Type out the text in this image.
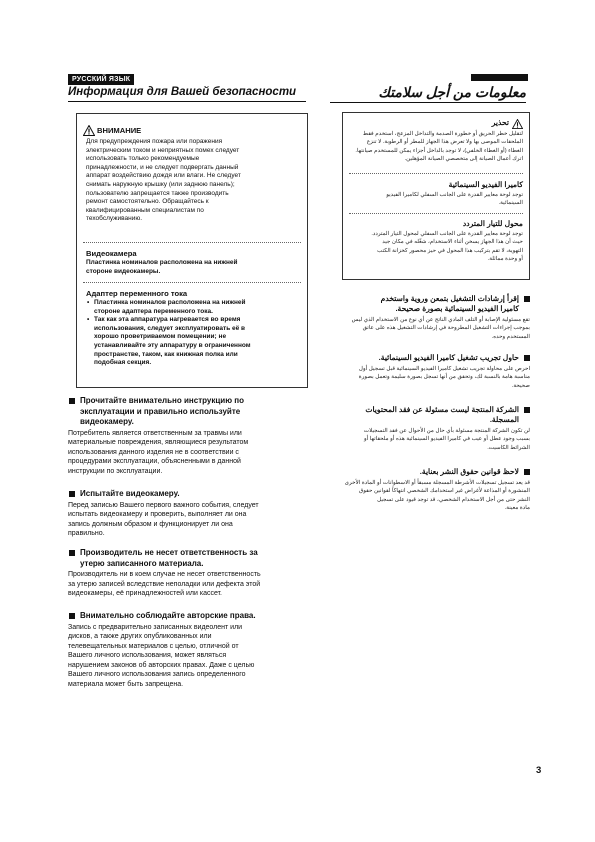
РУССКИЙ ЯЗЫК
Информация для Вашей безопасности
ВНИМАНИЕ
Для предупреждения пожара или поражения
электрическим током и неприятных помех следует
использовать только рекомендуемые
принадлежности, и не следует подвергать данный
аппарат воздействию дождя или влаги. Не следует
снимать наружную крышку (или заднюю панель);
пользователю запрещается также производить
ремонт самостоятельно. Обращайтесь к
квалифицированным специалистам по
техобслуживанию.
Видеокамера
Пластинка номиналов расположена на нижней
стороне видеокамеры.
Адаптер переменного тока
• Пластинка номиналов расположена на нижней
стороне адаптера переменного тока.
• Так как эта аппаратура нагревается во время
использования, следует эксплуатировать её в
хорошо проветриваемом помещении; не
устанавливайте эту аппаратуру в ограниченном
пространстве, таком, как книжная полка или
подобная секция.
Прочитайте внимательно инструкцию по
эксплуатации и правильно используйте
видеокамеру.
Потребитель является ответственным за травмы или
материальные повреждения, являющиеся результатом
использования данного изделия не в соответствии с
процедурами эксплуатации, объясненными в данной
инструкции по эксплуатации.
Испытайте видеокамеру.
Перед записью Вашего первого важного события, следует
испытать видеокамеру и проверить, выполняет ли она
запись должным образом и функционирует ли она
правильно.
Производитель не несет ответственность за
утерю записанного материала.
Производитель ни в коем случае не несет ответственность
за утерю записей вследствие неполадки или дефекта этой
видеокамеры, её принадлежностей или кассет.
Внимательно соблюдайте авторские права.
Запись с предварительно записанных видеолент или
дисков, а также других опубликованных или
телевещательных материалов с целью, отличной от
Вашего личного использования, может являться
нарушением законов об авторских правах. Даже с целью
Вашего личного использования запись определенного
материала может быть запрещена.
معلومات من أجل سلامتك
تحذير
لتقليل خطر الحريق أو خطورة الصدمة والتداخل المزعج، استخدم فقط
الملحقات الموصى بها ولا تعرض هذا الجهاز للمطر أو الرطوبة. لا تنزع
الغطاء (أو الغطاء الخلفي)، لا توجد بالداخل أجزاء يمكن للمستخدم صيانتها.
اترك أعمال الصيانة إلى متخصصي الصيانة المؤهلين.
كاميرا الفيديو السينمائية
توجد لوحة معايير القدرة على الجانب السفلي لكاميرا الفيديو
السينمائية.
محول للتيار المتردد
توجد لوحة معايير القدرة على الجانب السفلي لمحول التيار المتردد.
حيث أن هذا الجهاز يسخن أثناء الاستخدام، شغّله في مكان جيد
التهوية، لا تقم بتركيب هذا المحول في حيز محصور كخزانة الكتب
أو وحدة مماثلة.
إقرأ إرشادات التشغيل بتمعن وروية واستخدم
كاميرا الفيديو السينمائية بصورة صحيحة.
تقع مسئولية الإصابة أو التلف المادي الناتج عن أي نوع من الاستخدام الذي ليس
بموجب إجراءات التشغيل المطروحة في إرشادات التشغيل هذه على عاتق
المستخدم وحده.
حاول تجريب تشغيل كاميرا الفيديو السينمائية.
احرص على محاولة تجريب تشغيل كاميرا الفيديو السينمائية قبل تسجيل أول
مناسبة هامة بالنسبة لك، وتحقق من أنها تسجل بصورة سليمة وتعمل بصورة
صحيحة.
الشركة المنتجة ليست مسئولة عن فقد المحتويات
المسجلة.
لن تكون الشركة المنتجة مسئولة بأي حال من الأحوال عن فقد التسجيلات
بسبب وجود عطل أو عيب في كاميرا الفيديو السينمائية هذه أو ملحقاتها أو
الشرائط الكاسيت.
لاحظ قوانين حقوق النشر بعناية.
قد يعد تسجيل تسجيلات الأشرطة المسجلة مسبقاً أو الاسطوانات أو المادة الأخرى
المنشورة أو المذاعة لأغراض غير استخدامك الشخصي انتهاكاً لقوانين حقوق
النشر حتى من أجل الاستخدام الشخصي، قد توجد قيود على تسجيل
مادة معينة.
3
